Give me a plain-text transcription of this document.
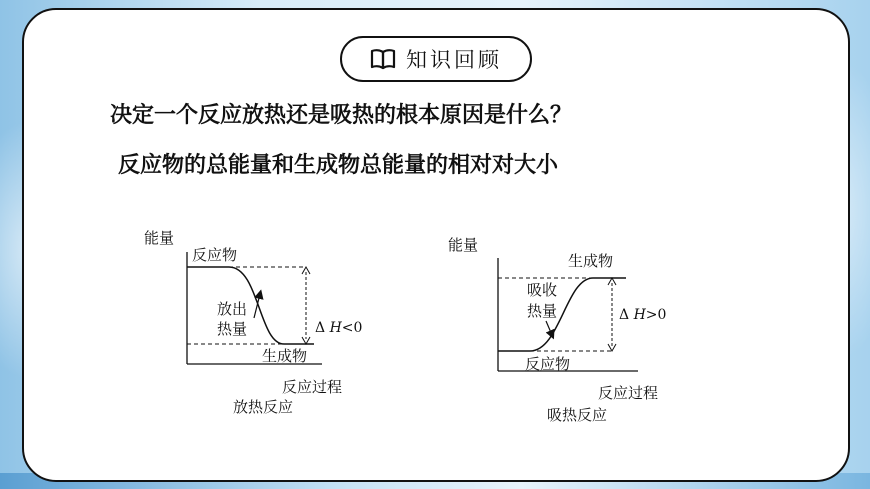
知识回顾
决定一个反应放热还是吸热的根本原因是什么？
反应物的总能量和生成物总能量的相对对大小
能量
反应物
生成物
放出
热量	Δ H<0
反应过程
放热反应
能量
生成物
反应物
吸收
热量	Δ H>0
反应过程
吸热反应
